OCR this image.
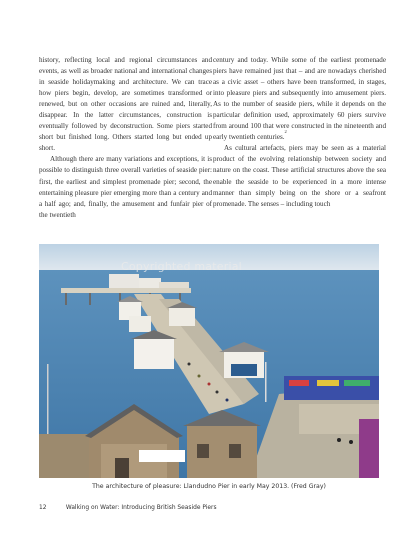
history, reflecting local and regional circumstances and events, as well as broader national and international changes in seaside holidaymaking and architecture. We can trace how piers begin, develop, are sometimes transformed or renewed, but on other occasions are ruined and, literally, disappear. In the latter circumstances, construction is eventually followed by deconstruction. Some piers started short but finished long. Others started long but ended up short.

Although there are many variations and exceptions, it is possible to distinguish three overall varieties of seaside pier: first, the earliest and simplest promenade pier; second, the entertaining pleasure pier emerging more than a century and a half ago; and, finally, the amusement and funfair pier of the twentieth

century and today. While some of the earliest promenade piers have remained just that – and are nowadays cherished as a civic asset – others have been transformed, in stages, into pleasure piers and subsequently into amusement piers. As to the number of seaside piers, while it depends on the particular definition used, approximately 60 piers survive from around 100 that were constructed in the nineteenth and early twentieth centuries.$^2$

As cultural artefacts, piers may be seen as a material product of the evolving relationship between society and nature on the coast. These artificial structures above the sea enable the seaside to be experienced in a more intense manner than simply being on the shore or a seafront promenade. The senses – including touch

Copyrighted material
The architecture of pleasure: Llandudno Pier in early May 2013. (Fred Gray)
12	Walking on Water: Introducing British Seaside Piers
